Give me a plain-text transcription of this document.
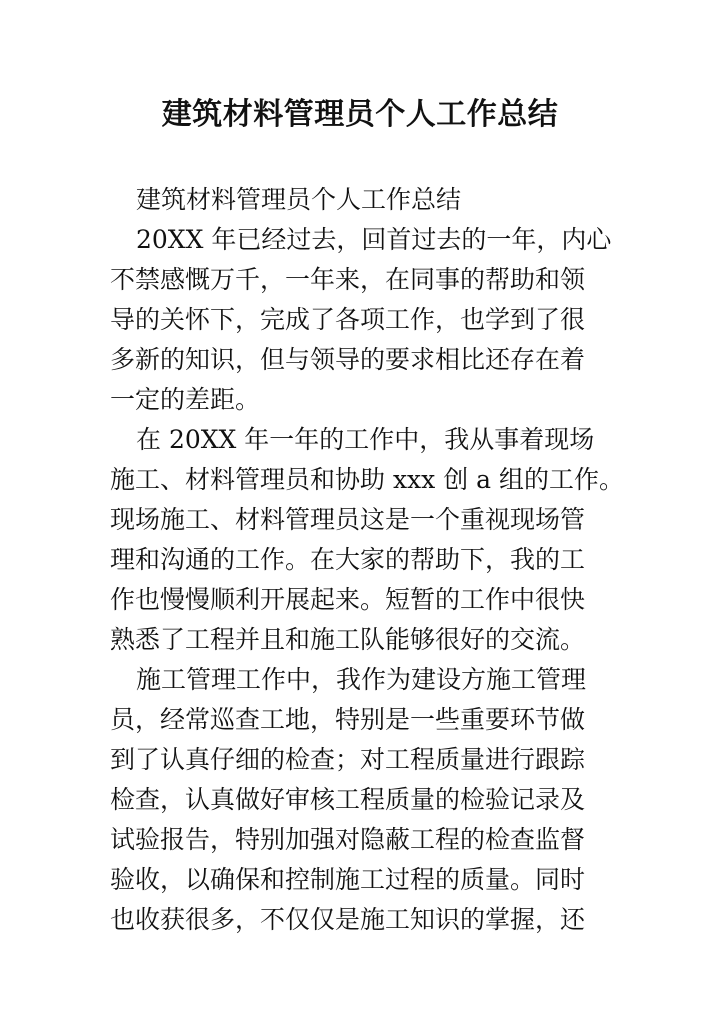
建筑材料管理员个人工作总结
建筑材料管理员个人工作总结
20XX 年已经过去，回首过去的一年，内心
不禁感慨万千，一年来，在同事的帮助和领
导的关怀下，完成了各项工作，也学到了很
多新的知识，但与领导的要求相比还存在着
一定的差距。
在 20XX 年一年的工作中，我从事着现场
施工、材料管理员和协助 xxx 创 a 组的工作。
现场施工、材料管理员这是一个重视现场管
理和沟通的工作。在大家的帮助下，我的工
作也慢慢顺利开展起来。短暂的工作中很快
熟悉了工程并且和施工队能够很好的交流。
施工管理工作中，我作为建设方施工管理
员，经常巡查工地，特别是一些重要环节做
到了认真仔细的检查；对工程质量进行跟踪
检查，认真做好审核工程质量的检验记录及
试验报告，特别加强对隐蔽工程的检查监督
验收，以确保和控制施工过程的质量。同时
也收获很多，不仅仅是施工知识的掌握，还
